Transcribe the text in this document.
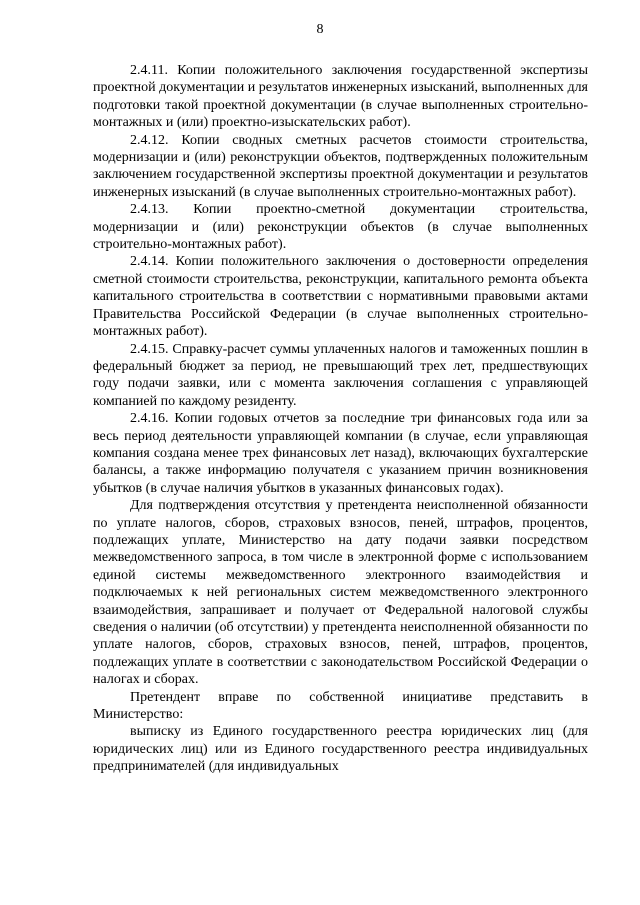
8

2.4.11. Копии положительного заключения государственной экспертизы проектной документации и результатов инженерных изысканий, выполненных для подготовки такой проектной документации (в случае выполненных строительно-монтажных и (или) проектно-изыскательских работ).

2.4.12. Копии сводных сметных расчетов стоимости строительства, модернизации и (или) реконструкции объектов, подтвержденных положительным заключением государственной экспертизы проектной документации и результатов инженерных изысканий (в случае выполненных строительно-монтажных работ).

2.4.13. Копии проектно-сметной документации строительства, модернизации и (или) реконструкции объектов (в случае выполненных строительно-монтажных работ).

2.4.14. Копии положительного заключения о достоверности определения сметной стоимости строительства, реконструкции, капитального ремонта объекта капитального строительства в соответствии с нормативными правовыми актами Правительства Российской Федерации (в случае выполненных строительно-монтажных работ).

2.4.15. Справку-расчет суммы уплаченных налогов и таможенных пошлин в федеральный бюджет за период, не превышающий трех лет, предшествующих году подачи заявки, или с момента заключения соглашения с управляющей компанией по каждому резиденту.

2.4.16. Копии годовых отчетов за последние три финансовых года или за весь период деятельности управляющей компании (в случае, если управляющая компания создана менее трех финансовых лет назад), включающих бухгалтерские балансы, а также информацию получателя с указанием причин возникновения убытков (в случае наличия убытков в указанных финансовых годах).

Для подтверждения отсутствия у претендента неисполненной обязанности по уплате налогов, сборов, страховых взносов, пеней, штрафов, процентов, подлежащих уплате, Министерство на дату подачи заявки посредством межведомственного запроса, в том числе в электронной форме с использованием единой системы межведомственного электронного взаимодействия и подключаемых к ней региональных систем межведомственного электронного взаимодействия, запрашивает и получает от Федеральной налоговой службы сведения о наличии (об отсутствии) у претендента неисполненной обязанности по уплате налогов, сборов, страховых взносов, пеней, штрафов, процентов, подлежащих уплате в соответствии с законодательством Российской Федерации о налогах и сборах.

Претендент вправе по собственной инициативе представить в Министерство:

выписку из Единого государственного реестра юридических лиц (для юридических лиц) или из Единого государственного реестра индивидуальных предпринимателей (для индивидуальных
